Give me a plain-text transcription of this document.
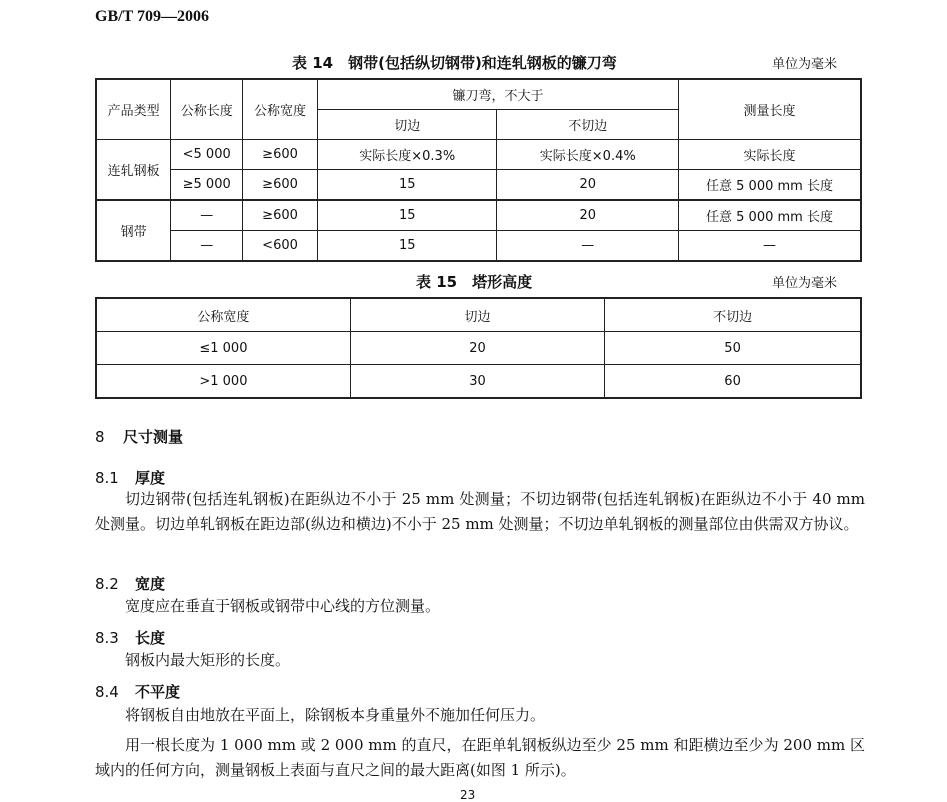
GB/T 709—2006
表 14　钢带(包括纵切钢带)和连轧钢板的镰刀弯	单位为毫米
产品类型	公称长度	公称宽度	镰刀弯，不大于		测量长度
			切边	不切边	
连轧钢板	<5 000	≥600	实际长度×0.3%	实际长度×0.4%	实际长度
	≥5 000	≥600	15	20	任意 5 000 mm 长度
钢带	—	≥600	15	20	任意 5 000 mm 长度
	—	<600	15	—	—
表 15　塔形高度	单位为毫米
公称宽度	切边	不切边
≤1 000	20	50
>1 000	30	60
8 尺寸测量
8.1 厚度
切边钢带(包括连轧钢板)在距纵边不小于 25 mm 处测量；不切边钢带(包括连轧钢板)在距纵边不小于 40 mm 处测量。切边单轧钢板在距边部(纵边和横边)不小于 25 mm 处测量；不切边单轧钢板的测量部位由供需双方协议。
8.2 宽度
宽度应在垂直于钢板或钢带中心线的方位测量。
8.3 长度
钢板内最大矩形的长度。
8.4 不平度
将钢板自由地放在平面上，除钢板本身重量外不施加任何压力。
用一根长度为 1 000 mm 或 2 000 mm 的直尺，在距单轧钢板纵边至少 25 mm 和距横边至少为 200 mm 区域内的任何方向，测量钢板上表面与直尺之间的最大距离(如图 1 所示)。
23
